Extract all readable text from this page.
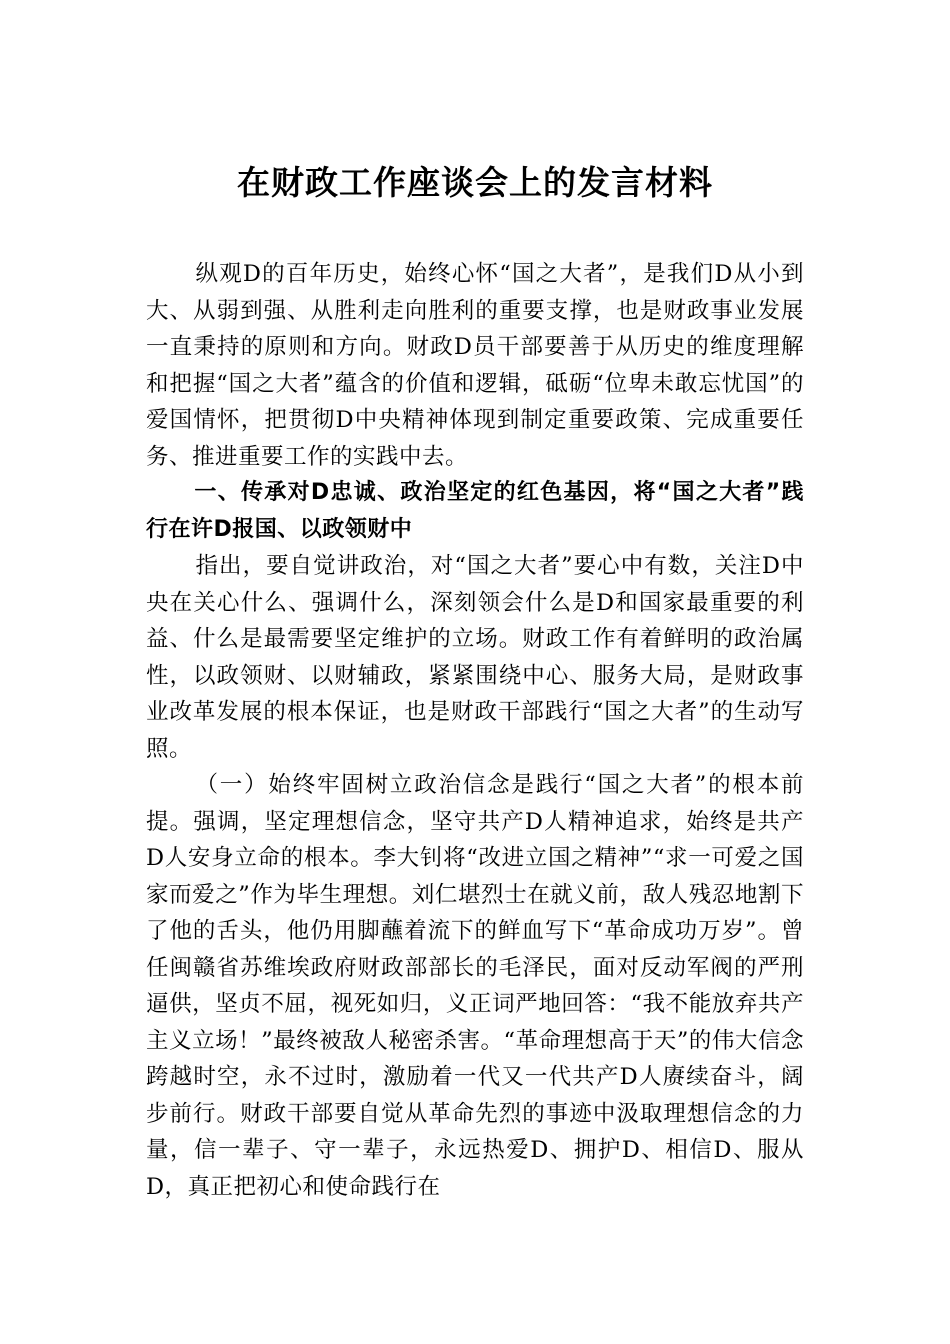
在财政工作座谈会上的发言材料

纵观D的百年历史，始终心怀“国之大者”，是我们D从小到大、从弱到强、从胜利走向胜利的重要支撑，也是财政事业发展一直秉持的原则和方向。财政D员干部要善于从历史的维度理解和把握“国之大者”蕴含的价值和逻辑，砥砺“位卑未敢忘忧国”的爱国情怀，把贯彻D中央精神体现到制定重要政策、完成重要任务、推进重要工作的实践中去。

一、传承对D忠诚、政治坚定的红色基因，将“国之大者”践行在许D报国、以政领财中

指出，要自觉讲政治，对“国之大者”要心中有数，关注D中央在关心什么、强调什么，深刻领会什么是D和国家最重要的利益、什么是最需要坚定维护的立场。财政工作有着鲜明的政治属性，以政领财、以财辅政，紧紧围绕中心、服务大局，是财政事业改革发展的根本保证，也是财政干部践行“国之大者”的生动写照。

（一）始终牢固树立政治信念是践行“国之大者”的根本前提。强调，坚定理想信念，坚守共产D人精神追求，始终是共产D人安身立命的根本。李大钊将“改进立国之精神”“求一可爱之国家而爱之”作为毕生理想。刘仁堪烈士在就义前，敌人残忍地割下了他的舌头，他仍用脚蘸着流下的鲜血写下“革命成功万岁”。曾任闽赣省苏维埃政府财政部部长的毛泽民，面对反动军阀的严刑逼供，坚贞不屈，视死如归，义正词严地回答：“我不能放弃共产主义立场！”最终被敌人秘密杀害。“革命理想高于天”的伟大信念跨越时空，永不过时，激励着一代又一代共产D人赓续奋斗，阔步前行。财政干部要自觉从革命先烈的事迹中汲取理想信念的力量，信一辈子、守一辈子，永远热爱D、拥护D、相信D、服从D，真正把初心和使命践行在
